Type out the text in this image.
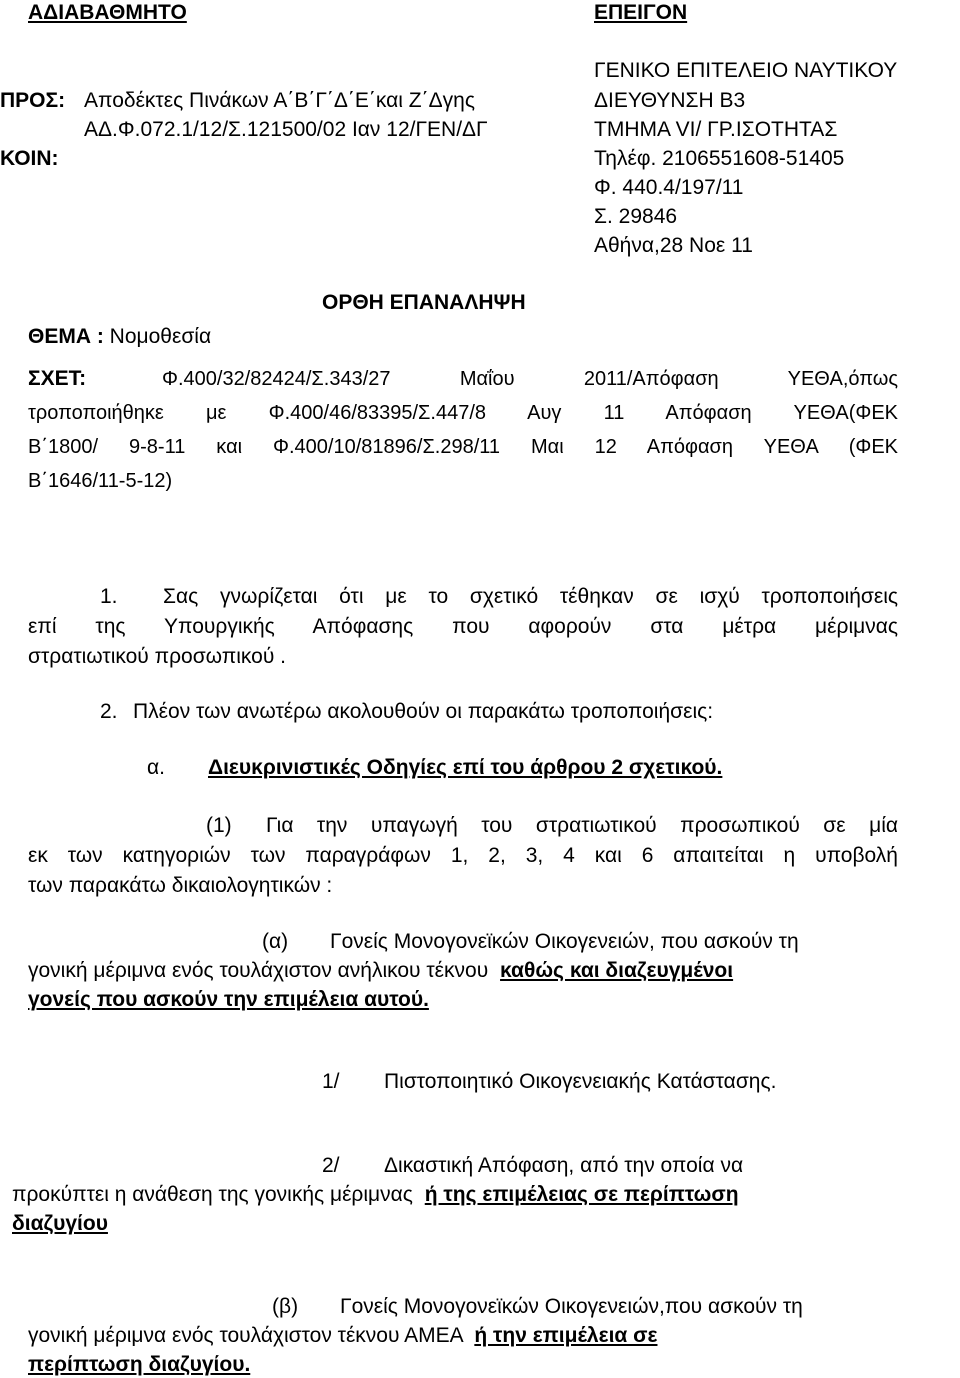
ΑΔΙΑΒΑΘΜΗΤΟ	ΕΠΕΙΓΟΝ
ΓΕΝΙΚΟ ΕΠΙΤΕΛΕΙΟ ΝΑΥΤΙΚΟΥ
ΔΙΕΥΘΥΝΣΗ Β3
ΤΜΗΜΑ VI/ ΓΡ.ΙΣΟΤΗΤΑΣ
Τηλέφ. 2106551608-51405
Φ. 440.4/197/11
Σ. 29846
Αθήνα,28 Νοε 11
ΠΡΟΣ: Αποδέκτες Πινάκων Α΄Β΄Γ΄Δ΄Ε΄και Ζ΄Δγης
ΑΔ.Φ.072.1/12/Σ.121500/02 Ιαν 12/ΓΕΝ/ΔΓ
ΚΟΙΝ:
ΟΡΘΗ ΕΠΑΝΑΛΗΨΗ
ΘΕΜΑ : Νομοθεσία
ΣΧΕΤ:	Φ.400/32/82424/Σ.343/27 Μαΐου 2011/Απόφαση ΥΕΘΑ,όπως
τροποποιήθηκε με Φ.400/46/83395/Σ.447/8 Αυγ 11 Απόφαση ΥΕΘΑ(ΦΕΚ
Β΄1800/ 9-8-11 και Φ.400/10/81896/Σ.298/11 Μαι 12 Απόφαση ΥΕΘΑ (ΦΕΚ
Β΄1646/11-5-12)
1.	Σας γνωρίζεται ότι με το σχετικό τέθηκαν σε ισχύ τροποποιήσεις
επί της Υπουργικής Απόφασης που αφορούν στα μέτρα μέριμνας
στρατιωτικού προσωπικού .
2. Πλέον των ανωτέρω ακολουθούν οι παρακάτω τροποποιήσεις:
α. Διευκρινιστικές Οδηγίες επί του άρθρου 2 σχετικού.
(1)	Για την υπαγωγή του στρατιωτικού προσωπικού σε μία
εκ των κατηγοριών των παραγράφων 1, 2, 3, 4 και 6 απαιτείται η υποβολή
των παρακάτω δικαιολογητικών :
(α) Γονείς Μονογονεϊκών Οικογενειών, που ασκούν τη
γονική μέριμνα ενός τουλάχιστον ανήλικου τέκνου καθώς και διαζευγμένοι
γονείς που ασκούν την επιμέλεια αυτού.
1/ Πιστοποιητικό Οικογενειακής Κατάστασης.
2/ Δικαστική Απόφαση, από την οποία να
προκύπτει η ανάθεση της γονικής μέριμνας ή της επιμέλειας σε περίπτωση
διαζυγίου
(β) Γονείς Μονογονεϊκών Οικογενειών,που ασκούν τη
γονική μέριμνα ενός τουλάχιστον τέκνου ΑΜΕΑ ή την επιμέλεια σε
περίπτωση διαζυγίου.
